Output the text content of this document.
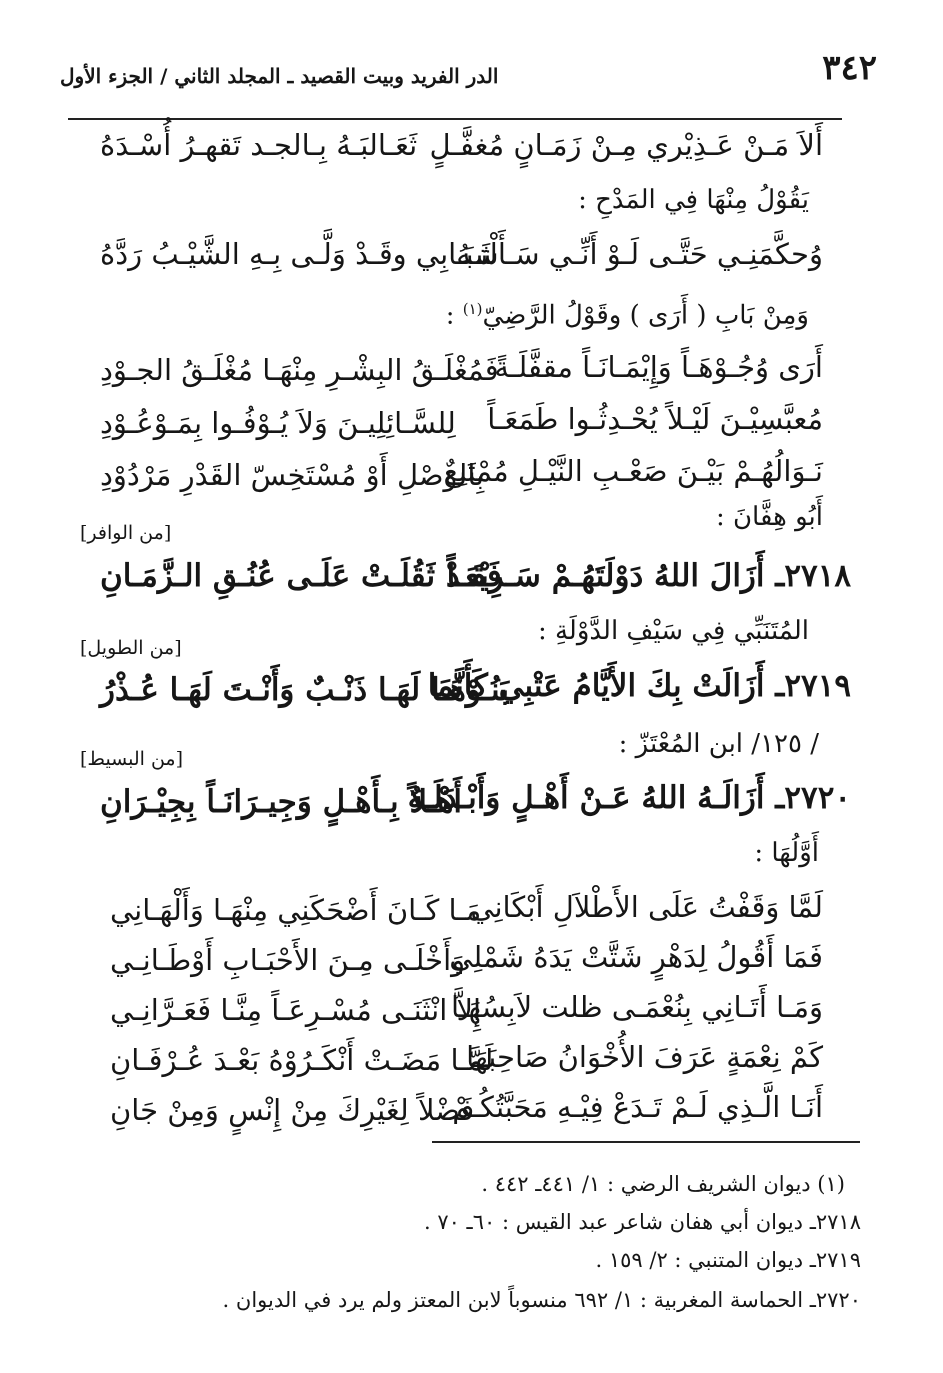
٣٤٢
الدر الفريد وبيت القصيد ـ المجلد الثاني / الجزء الأول
أَلاَ مَـنْ عَـذِيْري مِـنْ زَمَـانٍ مُغفَّـلٍ
ثَعَـالبَـهُ بِـالجـد تَقهـرُ أُسْـدَهُ
يَقُوْلُ مِنْهَا فِي المَدْحِ :
وُحكَّمَنِـي حَتَّـى لَـوْ أَنِّـي سَـأَلْتـهُ
شَبَـابِي وقَـدْ وَلَّـى بِـهِ الشَّيْـبُ رَدَّهُ
وَمِنْ بَابِ ( أَرَى ) وقَوْلُ الرَّضِيّ$^{(١)}$ :
أَرَى وُجُـوْهَـاً وَإِيْمَـانَـاً مقفَّلَـةً
فَمُغْلَـقُ البِشْـرِ مِنْهَـا مُغْلَـقُ الجـوْدِ
مُعبَّسِيْـنَ لَيْـلاً يُحْـدِثُـوا طَمَعَـاً
لِلسَّـائِلِيـنَ وَلاَ يُـوْفُـوا بِمَـوْعُـوْدِ
نَـوَالُهُـمْ بَيْـنَ صَعْـبِ النَّيْـلِ مُمْتَنِعٌ
بِالوَصْلِ أَوْ مُسْتَخِسّ القَدْرِ مَرْدُوْدِ
أَبُو هِفَّانَ :
[من الوافر]
٢٧١٨ـ أَزَالَ اللهُ دَوْلَتَهُـمْ سَـرِيْعَـاً
فَقَـدْ ثَقُلَـتْ عَلَـى عُنُـقِ الـزَّمَـانِ
المُتَنَبِّي فِي سَيْفِ الدَّوْلَةِ :
[من الطويل]
٢٧١٩ـ أَزَالَتْ بِكَ الأَيَّامُ عَتْبِي كَأَنَّمَا
بَنُـوْهَـا لَهَـا ذَنْـبٌ وَأَنْـتَ لَهَـا عُـذْرُ
/ ١٢٥/ ابن المُعْتَزّ :
[من البسيط]
٢٧٢٠ـ أَزَالَـهُ اللهُ عَـنْ أَهْـلٍ وَأَبْـدَلَـهُ
أَهْـلاً بِـأَهْـلٍ وَجِيـرَانَـاً بِجِيْـرَانِ
أَوَّلُهَا :
لَمَّا وَقَفْتُ عَلَى الأَطْلاَلِ أَبْكَانِي
مَـا كَـانَ أَضْحَكَنِي مِنْهَـا وَأَلْهَـانِي
فَمَا أَقُولُ لِدَهْرٍ شَتَّتْ يَدَهُ شَمْلِي
وَأَخْلَـى مِـنَ الأَحْبَـابِ أَوْطَـانِـي
وَمَـا أَتَـانِي بِنُعْمَـى ظلت لاَبِسُهَـا
إِلاَّ انْثَنَـى مُسْـرِعَـاً مِنَّـا فَعَـرَّانِـي
كَمْ نِعْمَةٍ عَرَفَ الأُخْوَانُ صَاحِبَهَا
لَمَّـا مَضَـتْ أَنْكَـرُوْهُ بَعْـدَ عُـرْفَـانِ
أَنَـا الَّـذِي لَـمْ تَـدَعْ فِيْـهِ مَحَبَّتُكُـمْ
فَضْلاً لِغَيْرِكَ مِنْ إِنْسٍ وَمِنْ جَانِ
(١) ديوان الشريف الرضي : ١/ ٤٤١ـ ٤٤٢ .
٢٧١٨ـ ديوان أبي هفان شاعر عبد القيس : ٦٠ـ ٧٠ .
٢٧١٩ـ ديوان المتنبي : ٢/ ١٥٩ .
٢٧٢٠ـ الحماسة المغربية : ١/ ٦٩٢ منسوباً لابن المعتز ولم يرد في الديوان .
